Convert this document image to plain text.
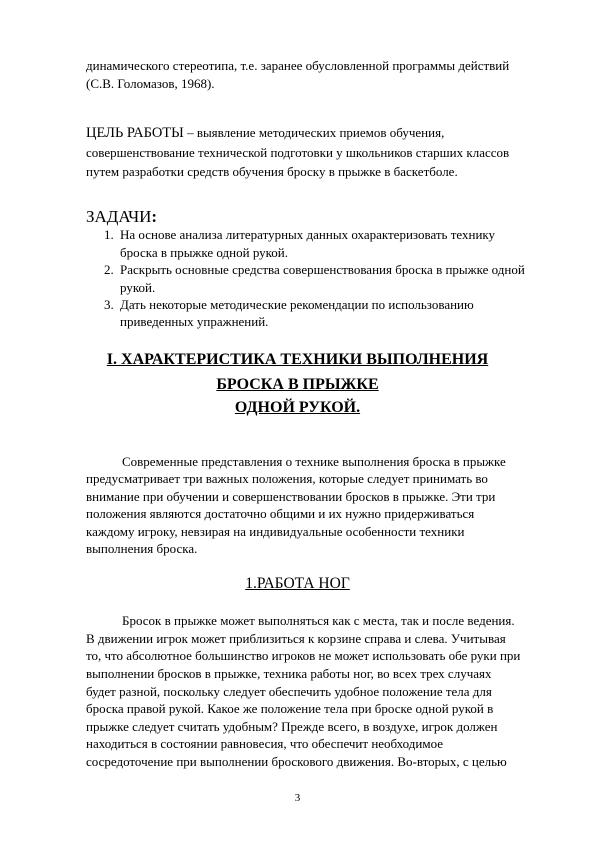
динамического стереотипа, т.е. заранее обусловленной программы действий
(С.В. Голомазов, 1968).
ЦЕЛЬ РАБОТЫ – выявление методических приемов обучения,
совершенствование технической подготовки у школьников старших классов
путем разработки средств обучения броску в прыжке в баскетболе.
ЗАДАЧИ:
1. На основе анализа литературных данных охарактеризовать технику
броска в прыжке одной рукой.
2. Раскрыть основные средства совершенствования броска в прыжке одной
рукой.
3. Дать некоторые методические рекомендации по использованию
приведенных упражнений.
I. ХАРАКТЕРИСТИКА ТЕХНИКИ ВЫПОЛНЕНИЯ
БРОСКА В ПРЫЖКЕ
ОДНОЙ РУКОЙ.
Современные представления о технике выполнения броска в прыжке
предусматривает три важных положения, которые следует принимать во
внимание при обучении и совершенствовании бросков в прыжке. Эти три
положения являются достаточно общими и их нужно придерживаться
каждому игроку, невзирая на индивидуальные особенности техники
выполнения броска.
1.РАБОТА НОГ
Бросок в прыжке может выполняться как с места, так и после ведения.
В движении игрок может приблизиться к корзине справа и слева. Учитывая
то, что абсолютное большинство игроков не может использовать обе руки при
выполнении бросков в прыжке, техника работы ног, во всех трех случаях
будет разной, поскольку следует обеспечить удобное положение тела для
броска правой рукой. Какое же положение тела при броске одной рукой в
прыжке следует считать удобным? Прежде всего, в воздухе, игрок должен
находиться в состоянии равновесия, что обеспечит необходимое
сосредоточение при выполнении броскового движения. Во-вторых, с целью
3
